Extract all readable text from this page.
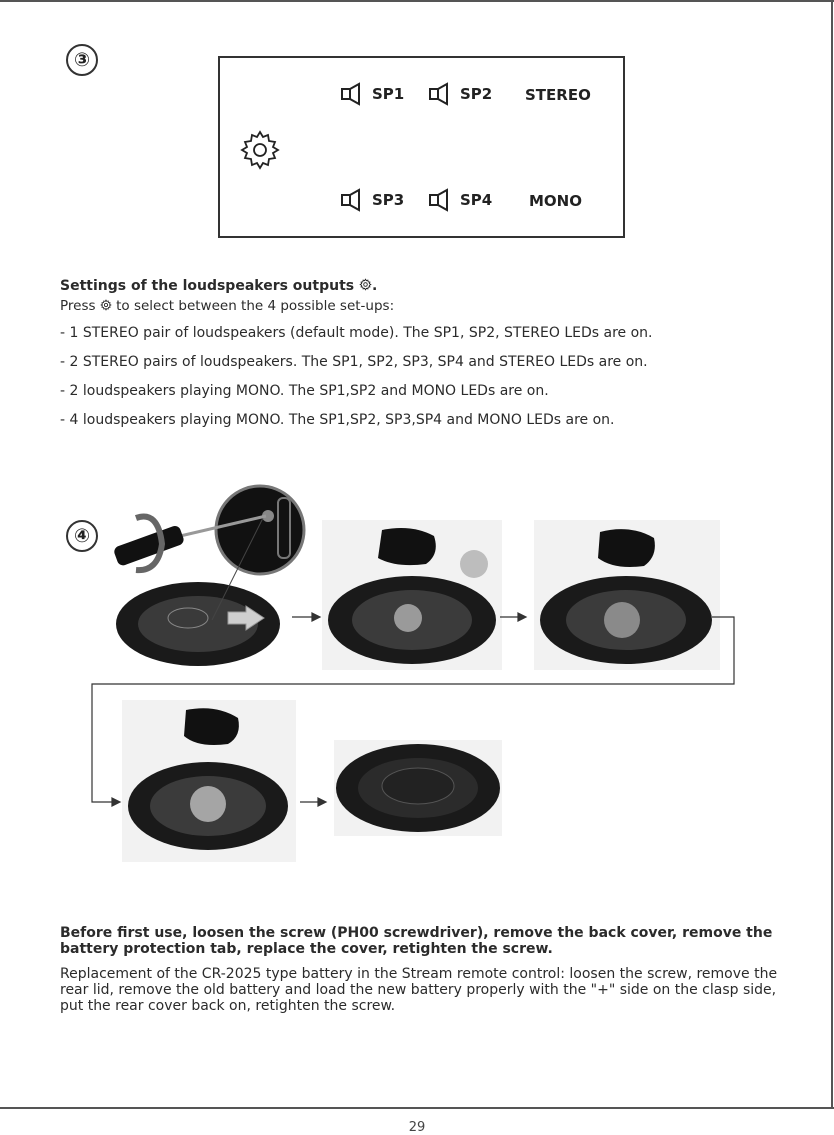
③
SP1	SP2 STEREO
SP3	SP4 MONO
Settings of the loudspeakers outputs .
Press to select between the 4 possible set-ups:
- 1 STEREO pair of loudspeakers (default mode). The SP1, SP2, STEREO LEDs are on.
- 2 STEREO pairs of loudspeakers. The SP1, SP2, SP3, SP4 and STEREO LEDs are on.
- 2 loudspeakers playing MONO. The SP1,SP2 and MONO LEDs are on.
- 4 loudspeakers playing MONO. The SP1,SP2, SP3,SP4 and MONO LEDs are on.
④
Before first use, loosen the screw (PH00 screwdriver), remove the back cover, remove the battery protection tab, replace the cover, retighten the screw.
Replacement of the CR-2025 type battery in the Stream remote control: loosen the screw, remove the rear lid, remove the old battery and load the new battery properly with the "+" side on the clasp side, put the rear cover back on, retighten the screw.
29
